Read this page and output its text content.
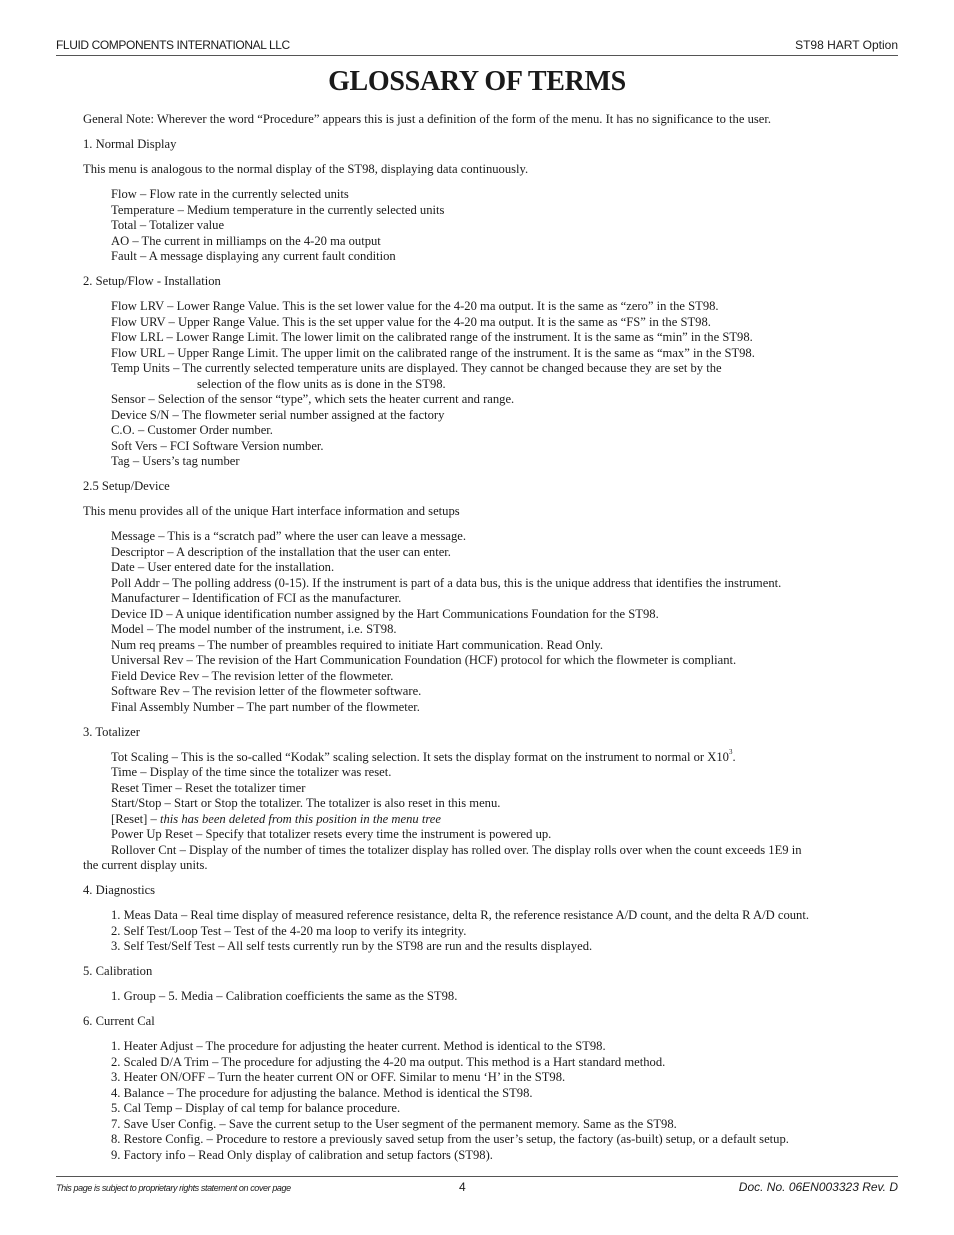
FLUID COMPONENTS INTERNATIONAL LLC	ST98 HART Option
GLOSSARY OF TERMS

General Note: Wherever the word “Procedure” appears this is just a definition of the form of the menu. It has no significance to the user.

1. Normal Display

This menu is analogous to the normal display of the ST98, displaying data continuously.

Flow – Flow rate in the currently selected units
Temperature – Medium temperature in the currently selected units
Total – Totalizer value
AO – The current in milliamps on the 4-20 ma output
Fault – A message displaying any current fault condition

2. Setup/Flow - Installation

Flow LRV – Lower Range Value. This is the set lower value for the 4-20 ma output. It is the same as “zero” in the ST98.
Flow URV – Upper Range Value. This is the set upper value for the 4-20 ma output. It is the same as “FS” in the ST98.
Flow LRL – Lower Range Limit. The lower limit on the calibrated range of the instrument. It is the same as “min” in the ST98.
Flow URL – Upper Range Limit. The upper limit on the calibrated range of the instrument. It is the same as “max” in the ST98.
Temp Units – The currently selected temperature units are displayed. They cannot be changed because they are set by the
selection of the flow units as is done in the ST98.
Sensor – Selection of the sensor “type”, which sets the heater current and range.
Device S/N – The flowmeter serial number assigned at the factory
C.O. – Customer Order number.
Soft Vers – FCI Software Version number.
Tag – Users’s tag number

2.5 Setup/Device

This menu provides all of the unique Hart interface information and setups

Message – This is a “scratch pad” where the user can leave a message.
Descriptor – A description of the installation that the user can enter.
Date – User entered date for the installation.
Poll Addr – The polling address (0-15). If the instrument is part of a data bus, this is the unique address that identifies the instrument.
Manufacturer – Identification of FCI as the manufacturer.
Device ID – A unique identification number assigned by the Hart Communications Foundation for the ST98.
Model – The model number of the instrument, i.e. ST98.
Num req preams – The number of preambles required to initiate Hart communication. Read Only.
Universal Rev – The revision of the Hart Communication Foundation (HCF) protocol for which the flowmeter is compliant.
Field Device Rev – The revision letter of the flowmeter.
Software Rev – The revision letter of the flowmeter software.
Final Assembly Number – The part number of the flowmeter.

3. Totalizer

Tot Scaling – This is the so-called “Kodak” scaling selection. It sets the display format on the instrument to normal or $X10^3$.
Time – Display of the time since the totalizer was reset.
Reset Timer – Reset the totalizer timer
Start/Stop – Start or Stop the totalizer. The totalizer is also reset in this menu.
[Reset] – this has been deleted from this position in the menu tree
Power Up Reset – Specify that totalizer resets every time the instrument is powered up.
Rollover Cnt – Display of the number of times the totalizer display has rolled over. The display rolls over when the count exceeds 1E9 in
the current display units.

4. Diagnostics

1. Meas Data – Real time display of measured reference resistance, delta R, the reference resistance A/D count, and the delta R A/D count.
2. Self Test/Loop Test – Test of the 4-20 ma loop to verify its integrity.
3. Self Test/Self Test – All self tests currently run by the ST98 are run and the results displayed.

5. Calibration

1. Group – 5. Media – Calibration coefficients the same as the ST98.

6. Current Cal

1. Heater Adjust – The procedure for adjusting the heater current. Method is identical to the ST98.
2. Scaled D/A Trim – The procedure for adjusting the 4-20 ma output. This method is a Hart standard method.
3. Heater ON/OFF – Turn the heater current ON or OFF. Similar to menu ‘H’ in the ST98.
4. Balance – The procedure for adjusting the balance. Method is identical the ST98.
5. Cal Temp – Display of cal temp for balance procedure.
7. Save User Config. – Save the current setup to the User segment of the permanent memory. Same as the ST98.
8. Restore Config. – Procedure to restore a previously saved setup from the user’s setup, the factory (as-built) setup, or a default setup.
9. Factory info – Read Only display of calibration and setup factors (ST98).
This page is subject to proprietary rights statement on cover page	4	Doc. No. 06EN003323 Rev. D
